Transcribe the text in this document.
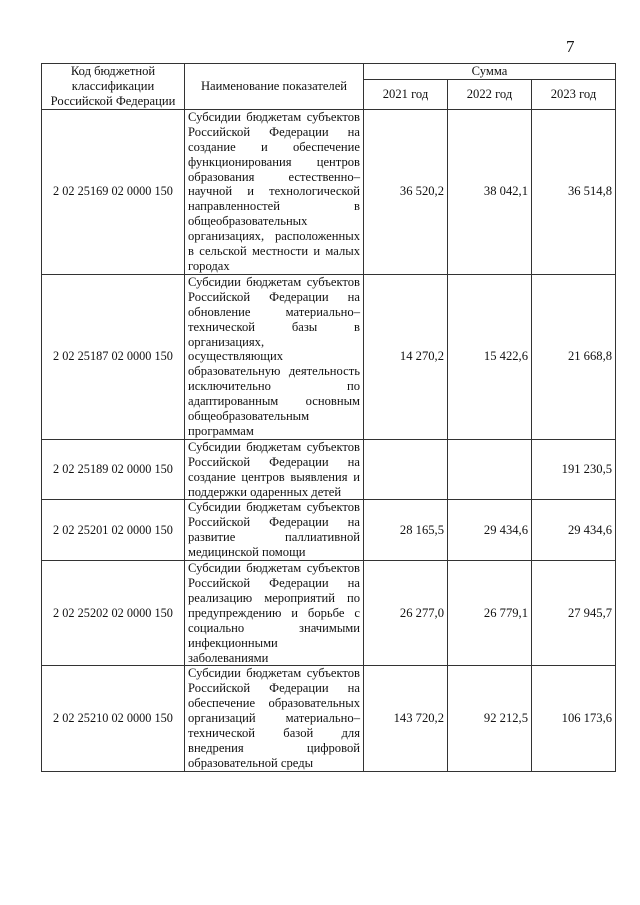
7
Код бюджетной классификации Российской Федерации	Наименование показателей	Сумма		
		2021 год	2022 год	2023 год
2 02 25169 02 0000 150	Субсидии бюджетам субъектов Российской Федерации на создание и обеспечение функционирования центров образования естественно–научной и технологической направленностей в общеобразовательных организациях, расположенных в сельской местности и малых городах	36 520,2	38 042,1	36 514,8
2 02 25187 02 0000 150	Субсидии бюджетам субъектов Российской Федерации на обновление материально–технической базы в организациях, осуществляющих образовательную деятельность исключительно по адаптированным основным общеобразовательным программам	14 270,2	15 422,6	21 668,8
2 02 25189 02 0000 150	Субсидии бюджетам субъектов Российской Федерации на создание центров выявления и поддержки одаренных детей			191 230,5
2 02 25201 02 0000 150	Субсидии бюджетам субъектов Российской Федерации на развитие паллиативной медицинской помощи	28 165,5	29 434,6	29 434,6
2 02 25202 02 0000 150	Субсидии бюджетам субъектов Российской Федерации на реализацию мероприятий по предупреждению и борьбе с социально значимыми инфекционными заболеваниями	26 277,0	26 779,1	27 945,7
2 02 25210 02 0000 150	Субсидии бюджетам субъектов Российской Федерации на обеспечение образовательных организаций материально–технической базой для внедрения цифровой образовательной среды	143 720,2	92 212,5	106 173,6
